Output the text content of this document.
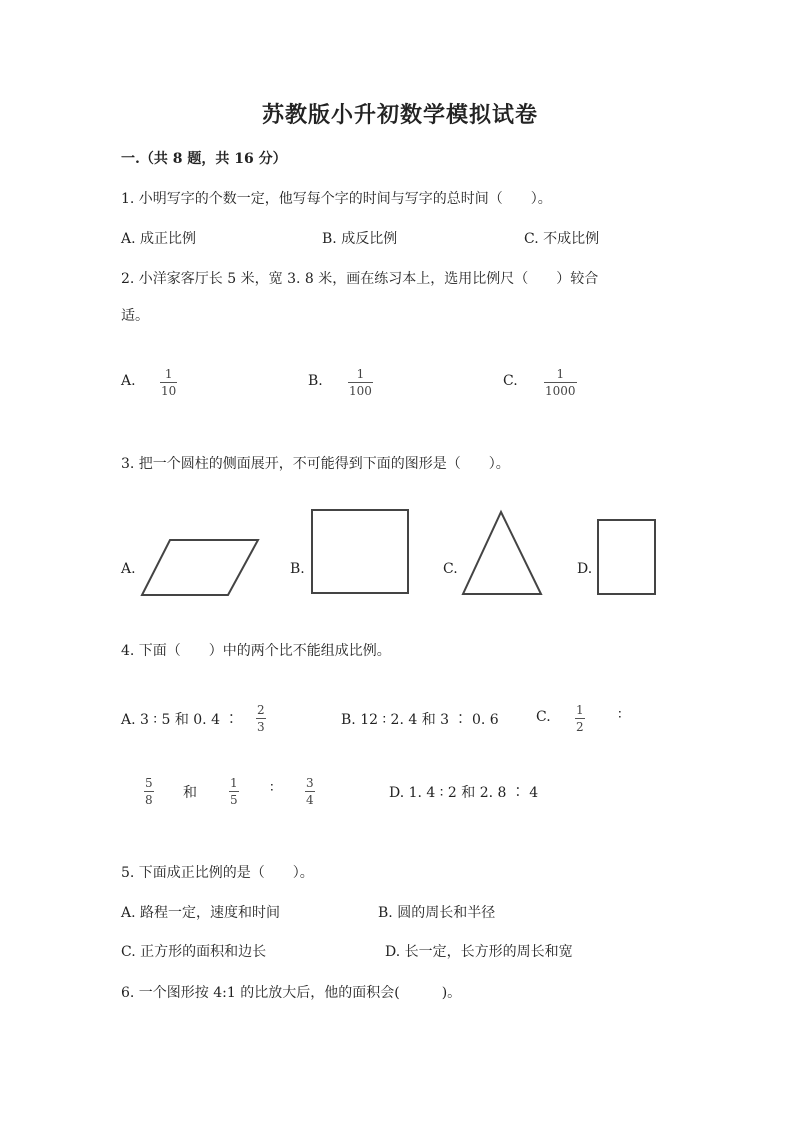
苏教版小升初数学模拟试卷
一.（共 8 题，共 16 分）
1. 小明写字的个数一定，他写每个字的时间与写字的总时间（　　）。
A. 成正比例	B. 成反比例	C. 不成比例
2. 小洋家客厅长 5 米，宽 3. 8 米，画在练习本上，选用比例尺（　　）较合
适。
A.	1
10
B.	1
100
C.	1
1000
3. 把一个圆柱的侧面展开，不可能得到下面的图形是（　　）。
A.	B.	C.	D.
4. 下面（　　）中的两个比不能组成比例。
A. 3 ∶ 5 和 0. 4 ∶
2
3	B. 12 ∶ 2. 4 和 3 ∶ 0. 6	C. 1
2
∶
5
8 和
1
5
∶	3
4	D. 1. 4 ∶ 2 和 2. 8 ∶ 4
5. 下面成正比例的是（　　）。
A. 路程一定，速度和时间	B. 圆的周长和半径
C. 正方形的面积和边长	D. 长一定，长方形的周长和宽
6. 一个图形按 4:1 的比放大后，他的面积会(　　　)。
